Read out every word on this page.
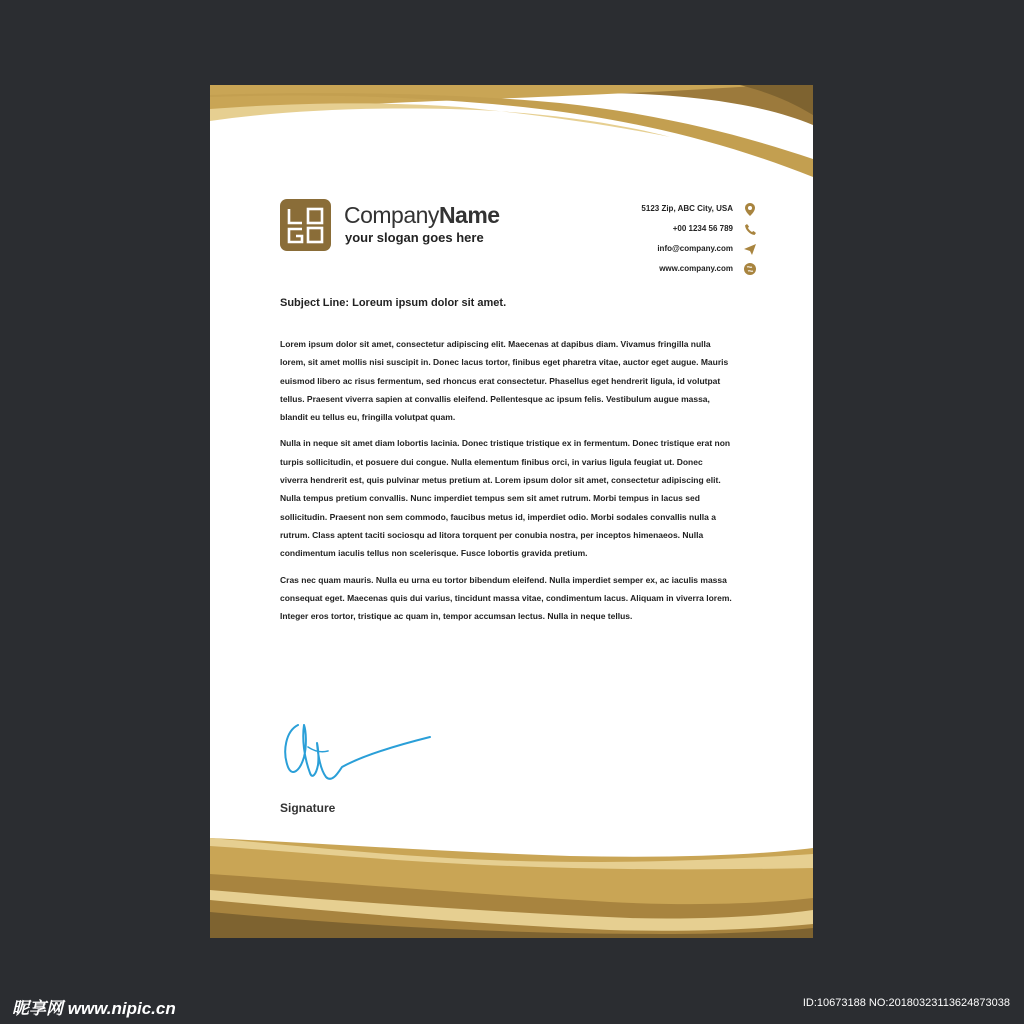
CompanyName
your slogan goes here
5123 Zip, ABC City, USA
+00 1234 56 789
info@company.com
www.company.com
Subject Line: Loreum ipsum dolor sit amet.

Lorem ipsum dolor sit amet, consectetur adipiscing elit. Maecenas at dapibus diam. Vivamus fringilla nulla lorem, sit amet mollis nisi suscipit in. Donec lacus tortor, finibus eget pharetra vitae, auctor eget augue. Mauris euismod libero ac risus fermentum, sed rhoncus erat consectetur. Phasellus eget hendrerit ligula, id volutpat tellus. Praesent viverra sapien at convallis eleifend. Pellentesque ac ipsum felis. Vestibulum augue massa, blandit eu tellus eu, fringilla volutpat quam.

Nulla in neque sit amet diam lobortis lacinia. Donec tristique tristique ex in fermentum. Donec tristique erat non turpis sollicitudin, et posuere dui congue. Nulla elementum finibus orci, in varius ligula feugiat ut. Donec viverra hendrerit est, quis pulvinar metus pretium at. Lorem ipsum dolor sit amet, consectetur adipiscing elit. Nulla tempus pretium convallis. Nunc imperdiet tempus sem sit amet rutrum. Morbi tempus in lacus sed sollicitudin. Praesent non sem commodo, faucibus metus id, imperdiet odio. Morbi sodales convallis nulla a rutrum. Class aptent taciti sociosqu ad litora torquent per conubia nostra, per inceptos himenaeos. Nulla condimentum iaculis tellus non scelerisque. Fusce lobortis gravida pretium.

Cras nec quam mauris. Nulla eu urna eu tortor bibendum eleifend. Nulla imperdiet semper ex, ac iaculis massa consequat eget. Maecenas quis dui varius, tincidunt massa vitae, condimentum lacus. Aliquam in viverra lorem. Integer eros tortor, tristique ac quam in, tempor accumsan lectus. Nulla in neque tellus.

Signature
昵享网 www.nipic.cn	ID:10673188 NO:20180323113624873038
